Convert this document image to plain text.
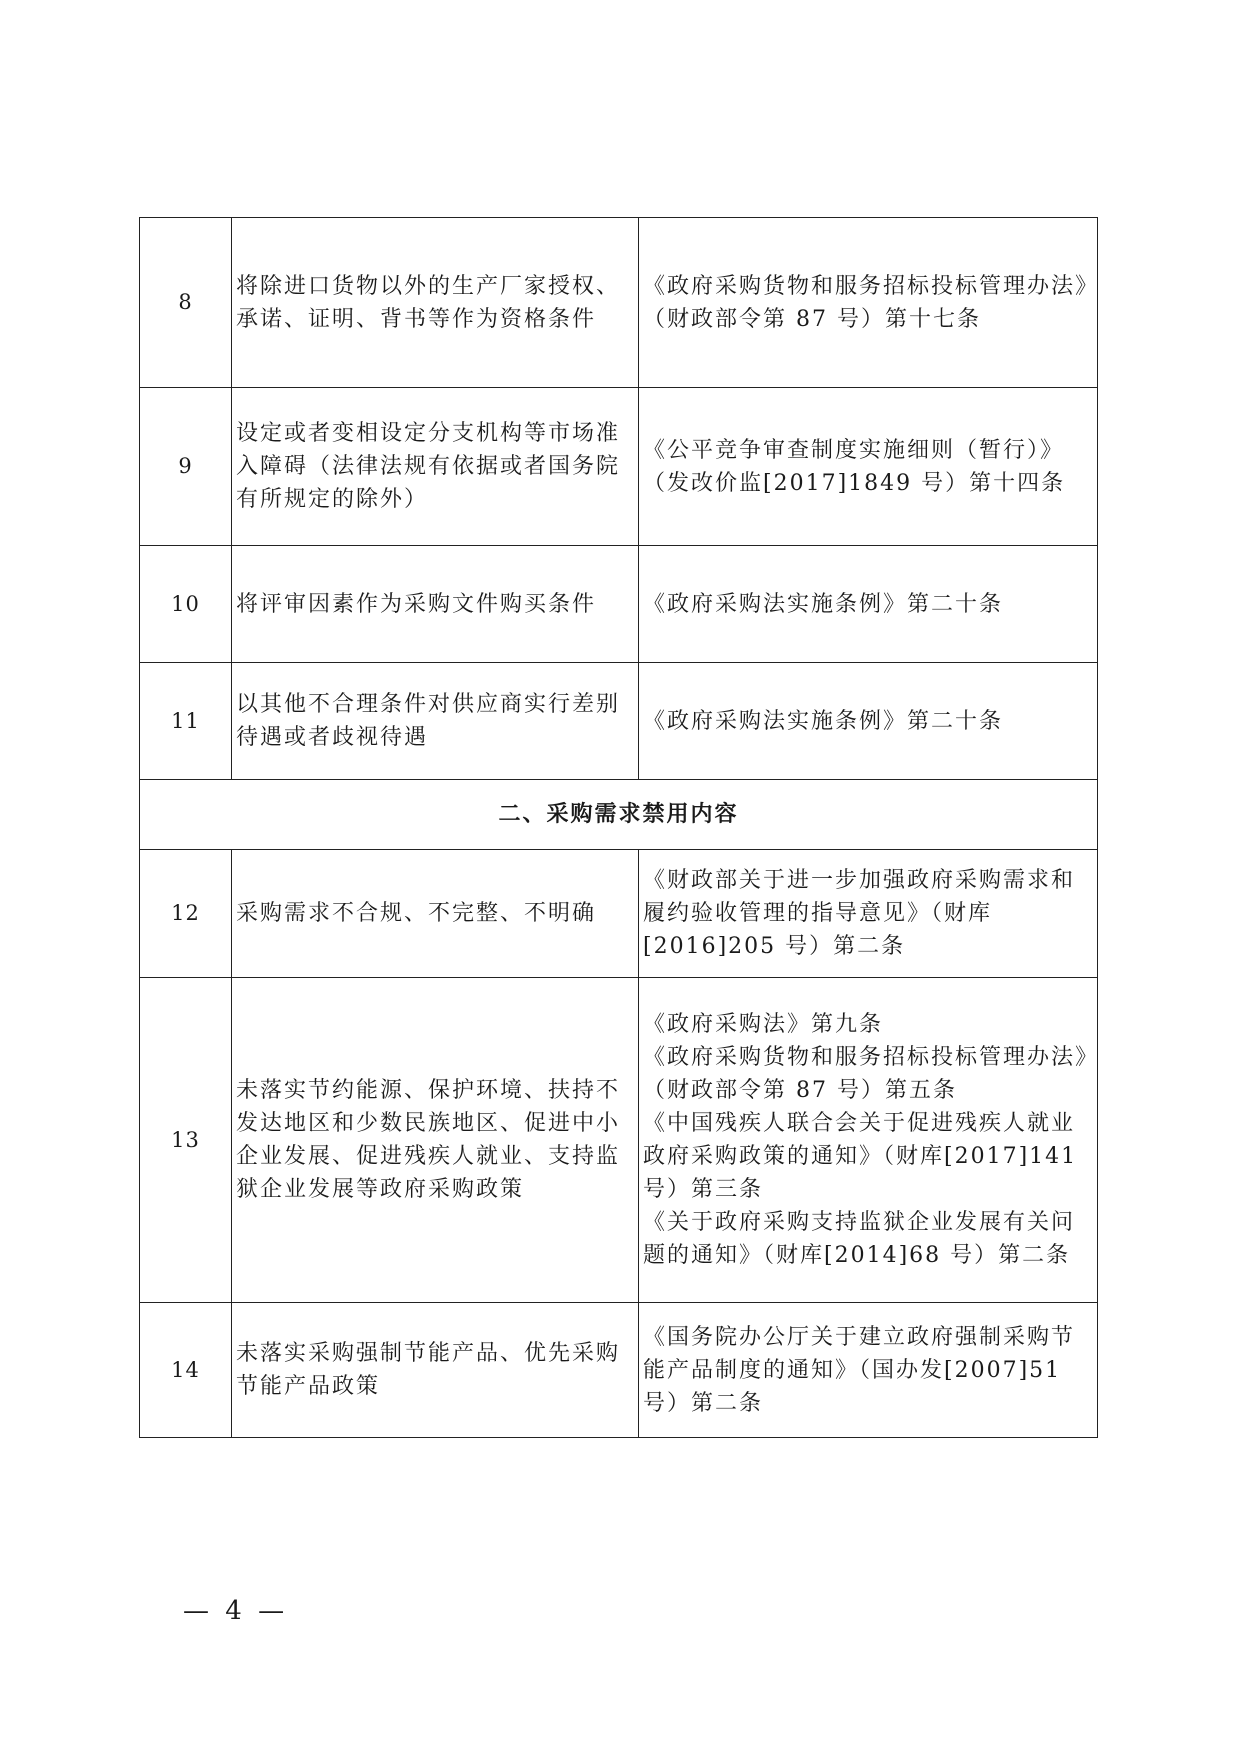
8	将除进口货物以外的生产厂家授权、承诺、证明、背书等作为资格条件	《政府采购货物和服务招标投标管理办法》（财政部令第 87 号）第十七条

9	设定或者变相设定分支机构等市场准入障碍（法律法规有依据或者国务院有所规定的除外）	《公平竞争审查制度实施细则（暂行）》（发改价监[2017]1849 号）第十四条

10	将评审因素作为采购文件购买条件	《政府采购法实施条例》第二十条

11	以其他不合理条件对供应商实行差别待遇或者歧视待遇	《政府采购法实施条例》第二十条

二、采购需求禁用内容		
12	采购需求不合规、不完整、不明确	《财政部关于进一步加强政府采购需求和履约验收管理的指导意见》（财库[2016]205 号）第二条

13	未落实节约能源、保护环境、扶持不发达地区和少数民族地区、促进中小企业发展、促进残疾人就业、支持监狱企业发展等政府采购政策	《政府采购法》第九条
《政府采购货物和服务招标投标管理办法》（财政部令第 87 号）第五条
《中国残疾人联合会关于促进残疾人就业政府采购政策的通知》（财库[2017]141 号）第三条
《关于政府采购支持监狱企业发展有关问题的通知》（财库[2014]68 号）第二条

14	未落实采购强制节能产品、优先采购节能产品政策	《国务院办公厅关于建立政府强制采购节能产品制度的通知》（国办发[2007]51 号）第二条
— 4 —
